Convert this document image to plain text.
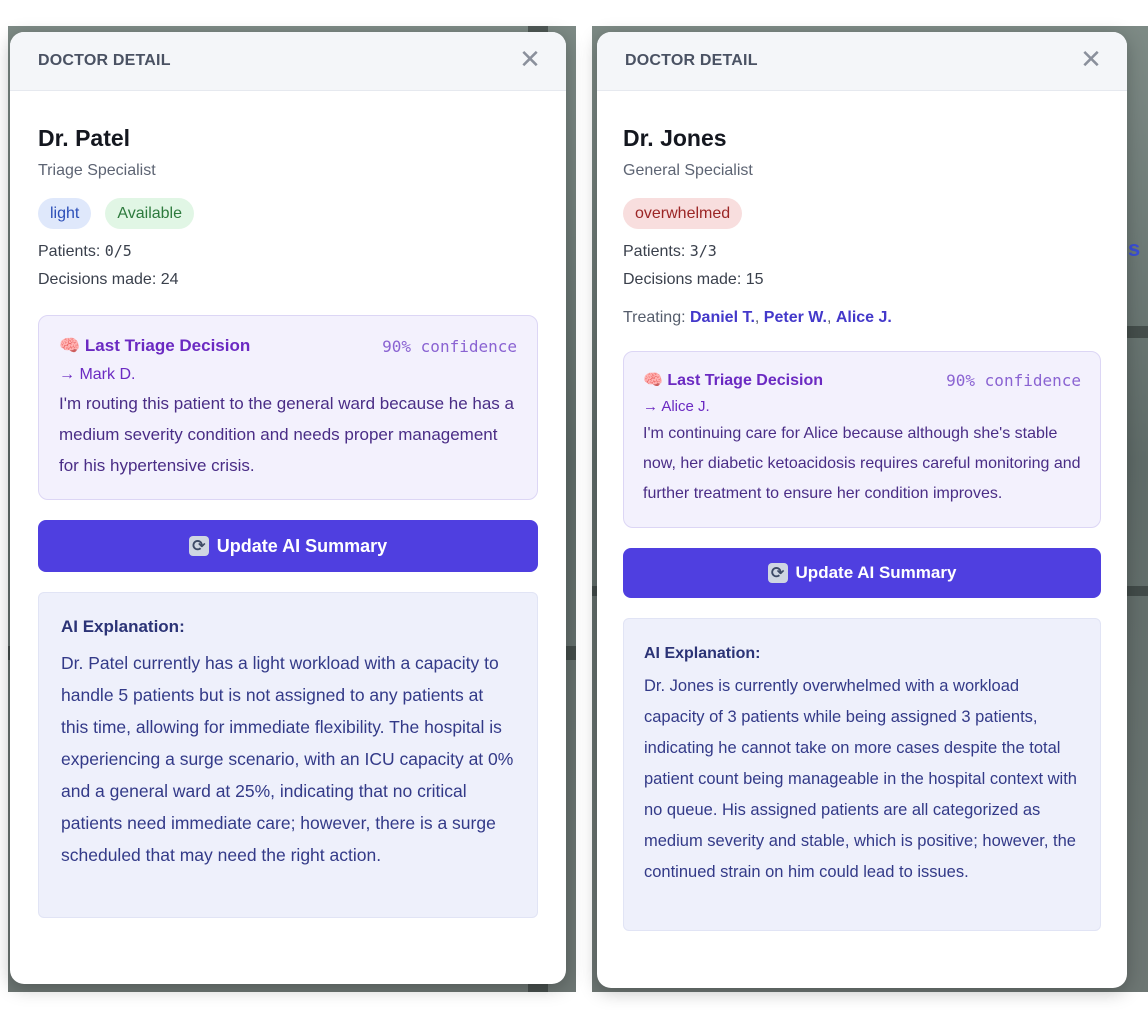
s
DOCTOR DETAIL	✕
Dr. Patel
Triage Specialist
light	Available
Patients: 0/5
Decisions made: 24
🧠 Last Triage Decision	90% confidence
→ Mark D.
I'm routing this patient to the general ward because he has a medium severity condition and needs proper management for his hypertensive crisis.
⟳ Update AI Summary
AI Explanation:
Dr. Patel currently has a light workload with a capacity to handle 5 patients but is not assigned to any patients at this time, allowing for immediate flexibility. The hospital is experiencing a surge scenario, with an ICU capacity at 0% and a general ward at 25%, indicating that no critical patients need immediate care; however, there is a surge scheduled that may need the right action.
DOCTOR DETAIL	✕
Dr. Jones
General Specialist
overwhelmed
Patients: 3/3
Decisions made: 15
Treating: Daniel T., Peter W., Alice J.
🧠 Last Triage Decision	90% confidence
→ Alice J.
I'm continuing care for Alice because although she's stable now, her diabetic ketoacidosis requires careful monitoring and further treatment to ensure her condition improves.
⟳ Update AI Summary
AI Explanation:
Dr. Jones is currently overwhelmed with a workload capacity of 3 patients while being assigned 3 patients, indicating he cannot take on more cases despite the total patient count being manageable in the hospital context with no queue. His assigned patients are all categorized as medium severity and stable, which is positive; however, the continued strain on him could lead to issues.
